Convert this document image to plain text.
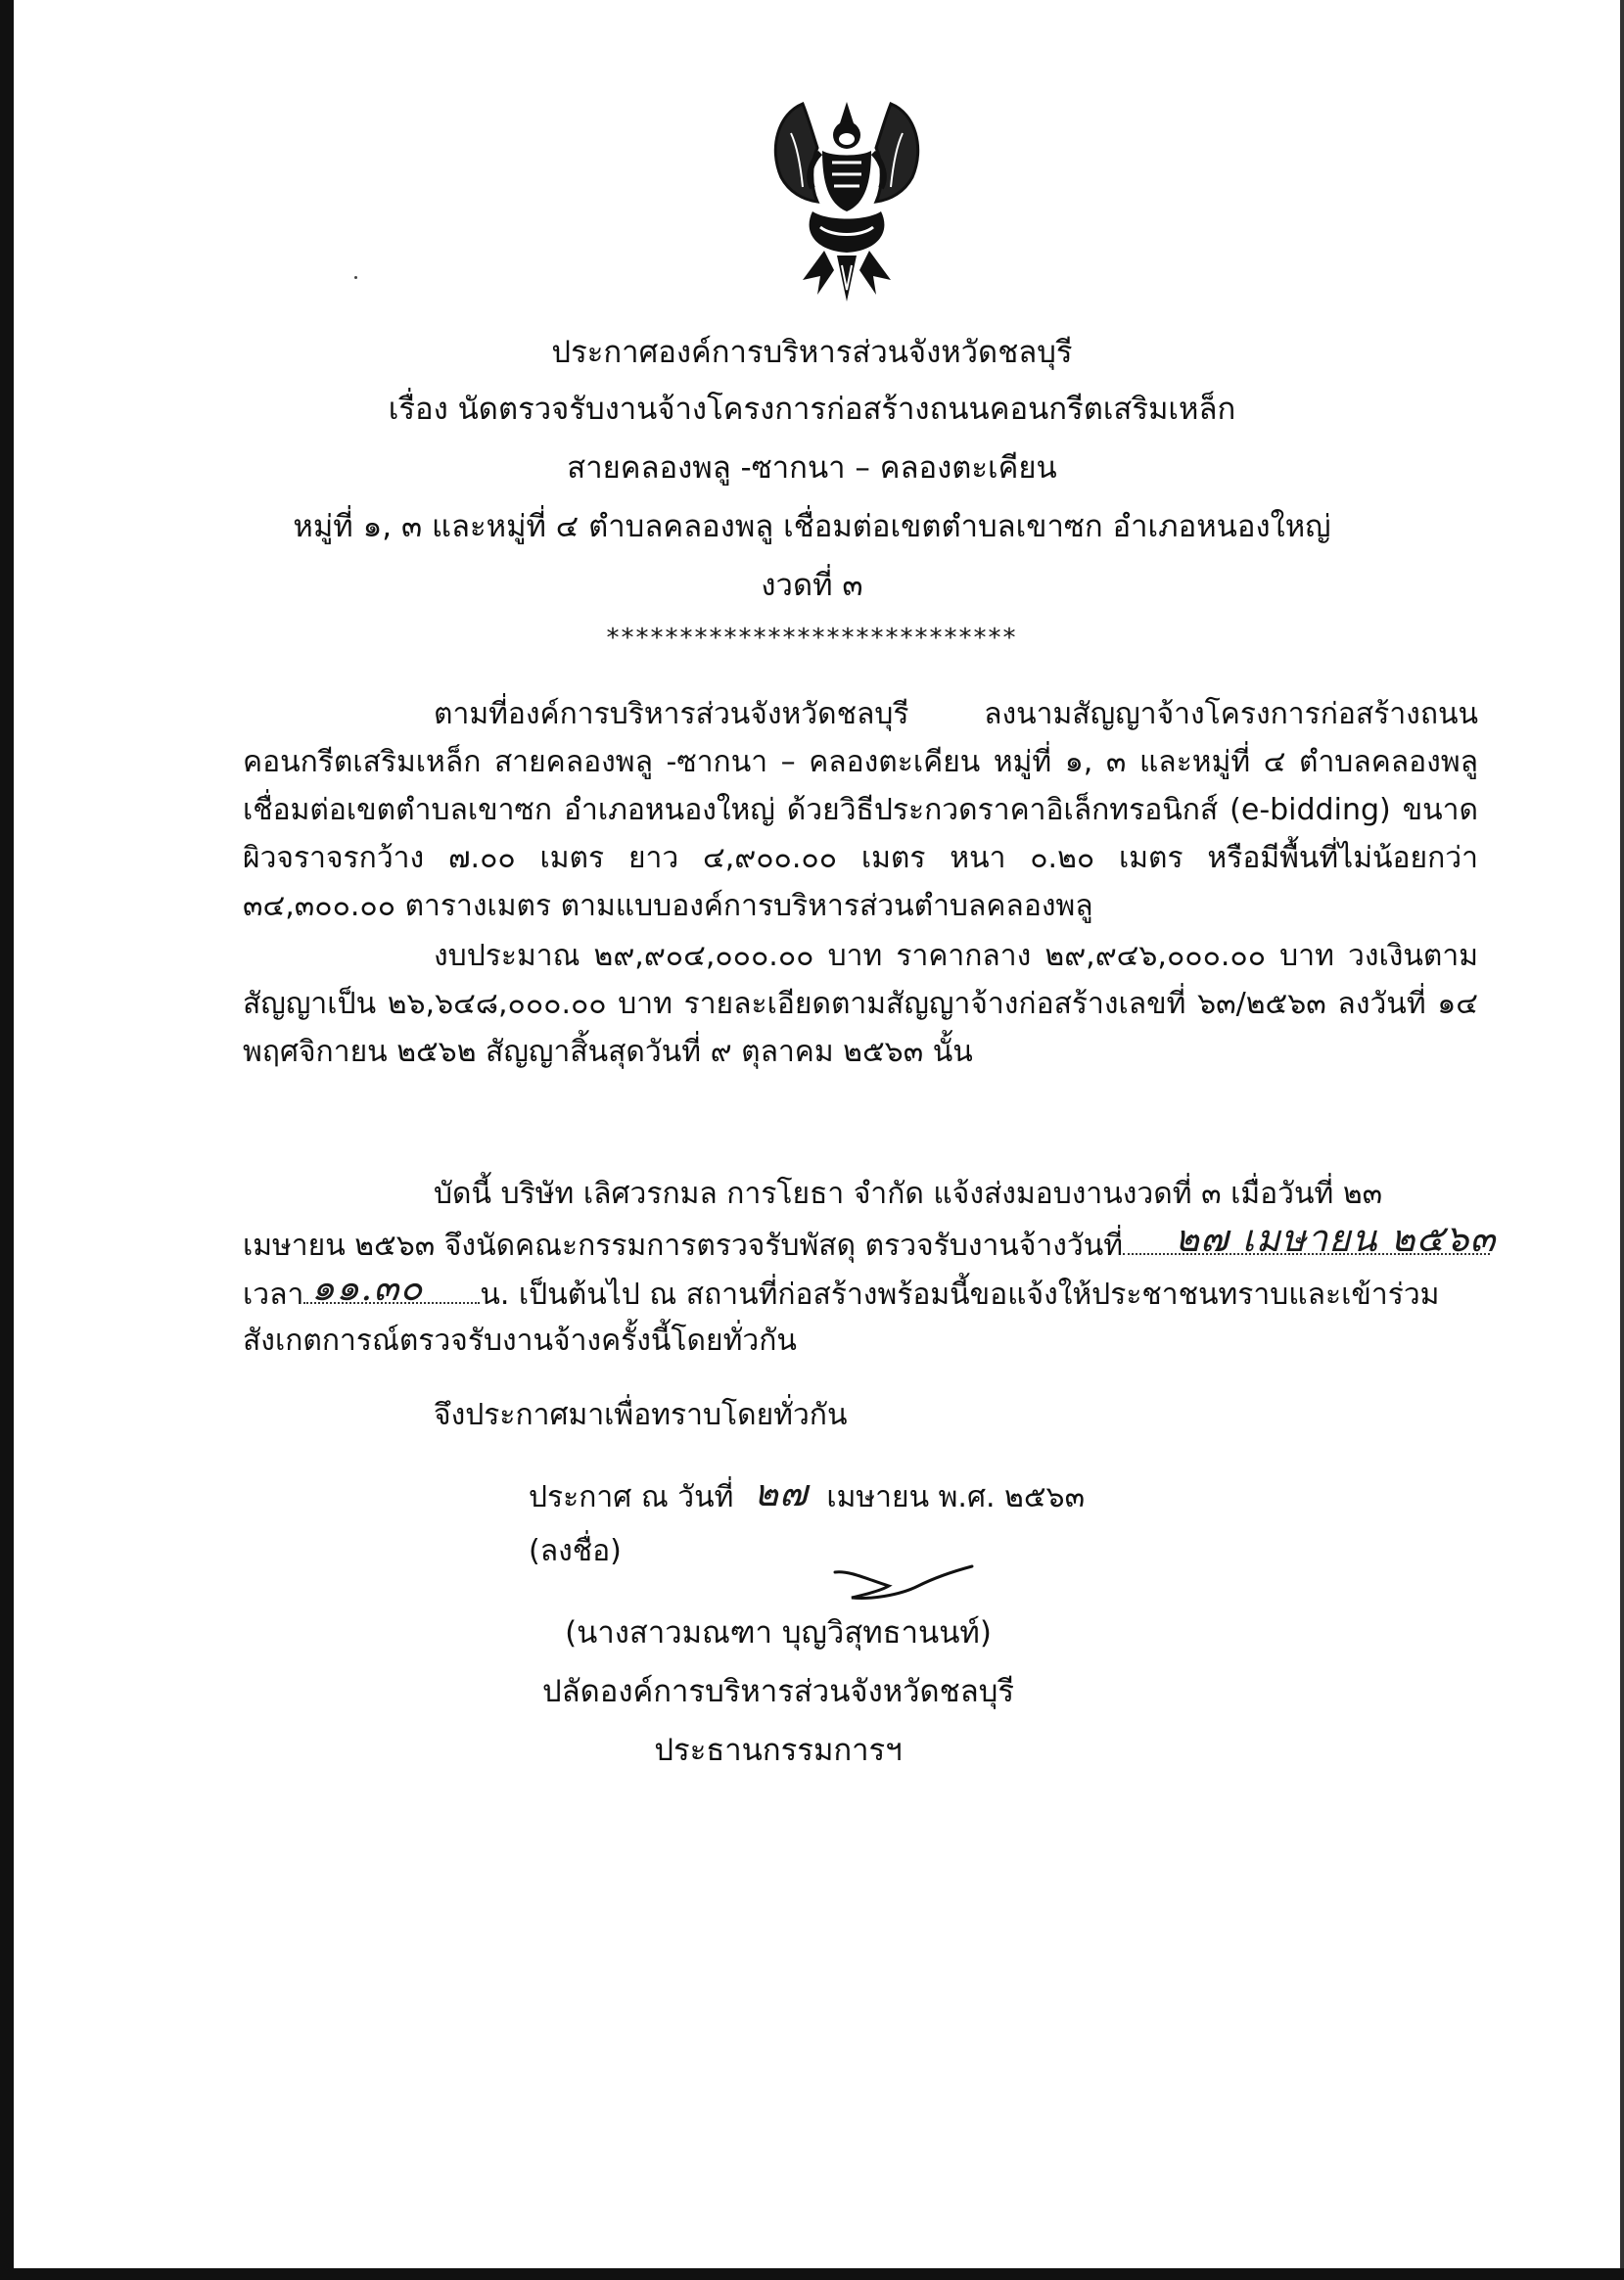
ประกาศองค์การบริหารส่วนจังหวัดชลบุรี
เรื่อง นัดตรวจรับงานจ้างโครงการก่อสร้างถนนคอนกรีตเสริมเหล็ก
สายคลองพลู -ซากนา – คลองตะเคียน
หมู่ที่ ๑, ๓ และหมู่ที่ ๔ ตำบลคลองพลู เชื่อมต่อเขตตำบลเขาซก อำเภอหนองใหญ่
งวดที่ ๓
****************************
ตามที่องค์การบริหารส่วนจังหวัดชลบุรี ลงนามสัญญาจ้างโครงการก่อสร้างถนนคอนกรีตเสริมเหล็ก สายคลองพลู -ซากนา – คลองตะเคียน หมู่ที่ ๑, ๓ และหมู่ที่ ๔ ตำบลคลองพลู เชื่อมต่อเขตตำบลเขาซก อำเภอหนองใหญ่ ด้วยวิธีประกวดราคาอิเล็กทรอนิกส์ (e-bidding) ขนาดผิวจราจรกว้าง ๗.๐๐ เมตร ยาว ๔,๙๐๐.๐๐ เมตร หนา ๐.๒๐ เมตร หรือมีพื้นที่ไม่น้อยกว่า ๓๔,๓๐๐.๐๐ ตารางเมตร ตามแบบองค์การบริหารส่วนตำบลคลองพลู
งบประมาณ ๒๙,๙๐๔,๐๐๐.๐๐ บาท ราคากลาง ๒๙,๙๔๖,๐๐๐.๐๐ บาท วงเงินตามสัญญาเป็น ๒๖,๖๔๘,๐๐๐.๐๐ บาท รายละเอียดตามสัญญาจ้างก่อสร้างเลขที่ ๖๓/๒๕๖๓ ลงวันที่ ๑๔ พฤศจิกายน ๒๕๖๒ สัญญาสิ้นสุดวันที่ ๙ ตุลาคม ๒๕๖๓ นั้น
บัดนี้ บริษัท เลิศวรกมล การโยธา จำกัด แจ้งส่งมอบงานงวดที่ ๓ เมื่อวันที่ ๒๓
เมษายน ๒๕๖๓ จึงนัดคณะกรรมการตรวจรับพัสดุ ตรวจรับงานจ้างวันที่	๒๗ เมษายน ๒๕๖๓
เวลา	น. เป็นต้นไป ณ สถานที่ก่อสร้างพร้อมนี้ขอแจ้งให้ประชาชนทราบและเข้าร่วม
๑๑.๓๐
สังเกตการณ์ตรวจรับงานจ้างครั้งนี้โดยทั่วกัน
จึงประกาศมาเพื่อทราบโดยทั่วกัน
ประกาศ ณ วันที่	เมษายน พ.ศ. ๒๕๖๓
๒๗
(ลงชื่อ)
(นางสาวมณฑา บุญวิสุทธานนท์)
ปลัดองค์การบริหารส่วนจังหวัดชลบุรี
ประธานกรรมการฯ
